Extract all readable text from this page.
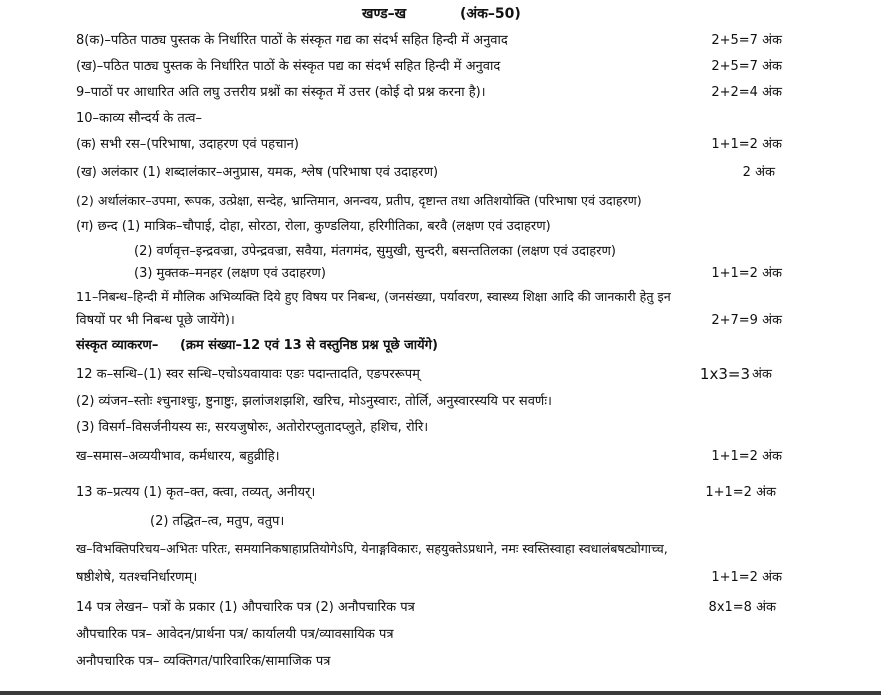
खण्ड–ख	(अंक–50)
8(क)–पठित पाठ्य पुस्तक के निर्धारित पाठों के संस्कृत गद्य का संदर्भ सहित हिन्दी में अनुवाद	2+5=7 अंक
(ख)–पठित पाठ्य पुस्तक के निर्धारित पाठों के संस्कृत पद्य का संदर्भ सहित हिन्दी में अनुवाद	2+5=7 अंक
9–पाठों पर आधारित अति लघु उत्तरीय प्रश्नों का संस्कृत में उत्तर (कोई दो प्रश्न करना है)।	2+2=4 अंक
10–काव्य सौन्दर्य के तत्व–
(क) सभी रस–(परिभाषा, उदाहरण एवं पहचान)	1+1=2 अंक
(ख) अलंकार (1) शब्दालंकार–अनुप्रास, यमक, श्लेष (परिभाषा एवं उदाहरण)	2 अंक
(2) अर्थालंकार–उपमा, रूपक, उत्प्रेक्षा, सन्देह, भ्रान्तिमान, अनन्वय, प्रतीप, दृष्टान्त तथा अतिशयोक्ति (परिभाषा एवं उदाहरण)
(ग) छन्द (1) मात्रिक–चौपाई, दोहा, सोरठा, रोला, कुण्डलिया, हरिगीतिका, बरवै (लक्षण एवं उदाहरण)
(2) वर्णवृत्त–इन्द्रवज्रा, उपेन्द्रवज्रा, सवैया, मंतगमंद, सुमुखी, सुन्दरी, बसन्ततिलका (लक्षण एवं उदाहरण)
(3) मुक्तक–मनहर (लक्षण एवं उदाहरण)	1+1=2 अंक
11–निबन्ध–हिन्दी में मौलिक अभिव्यक्ति दिये हुए विषय पर निबन्ध, (जनसंख्या, पर्यावरण, स्वास्थ्य शिक्षा आदि की जानकारी हेतु इन
विषयों पर भी निबन्ध पूछे जायेंगे)।	2+7=9 अंक
संस्कृत व्याकरण– (क्रम संख्या–12 एवं 13 से वस्तुनिष्ठ प्रश्न पूछे जायेंगे)
12 क–सन्धि–(1) स्वर सन्धि–एचोऽयवायावः एङः पदान्तादति, एङपररूपम्	1x3=3 अंक
(2) व्यंजन–स्तोः श्चुनाश्चुः, ष्टुनाष्टुः, झलांजशझशि, खरिच, मोऽनुस्वारः, तोर्लि, अनुस्वारस्ययि पर सवर्णः।
(3) विसर्ग–विसर्जनीयस्य सः, सरयजुषोरुः, अतोरोरप्लुतादप्लुते, हशिच, रोरि।
ख–समास–अव्ययीभाव, कर्मधारय, बहुव्रीहि।	1+1=2 अंक
13 क–प्रत्यय (1) कृत–क्त, क्त्वा, तव्यत्, अनीयर्।	1+1=2 अंक
(2) तद्धित–त्व, मतुप, वतुप।
ख–विभक्तिपरिचय–अभितः परितः, समयानिकषाहाप्रतियोगेऽपि, येनाङ्गविकारः, सहयुक्तेऽप्रधाने, नमः स्वस्तिस्वाहा स्वधालंबषट्योगाच्च,
षष्ठीशेषे, यतश्चनिर्धारणम्।	1+1=2 अंक
14 पत्र लेखन– पत्रों के प्रकार (1) औपचारिक पत्र (2) अनौपचारिक पत्र	8x1=8 अंक
औपचारिक पत्र– आवेदन/प्रार्थना पत्र/ कार्यालयी पत्र/व्यावसायिक पत्र
अनौपचारिक पत्र– व्यक्तिगत/पारिवारिक/सामाजिक पत्र
